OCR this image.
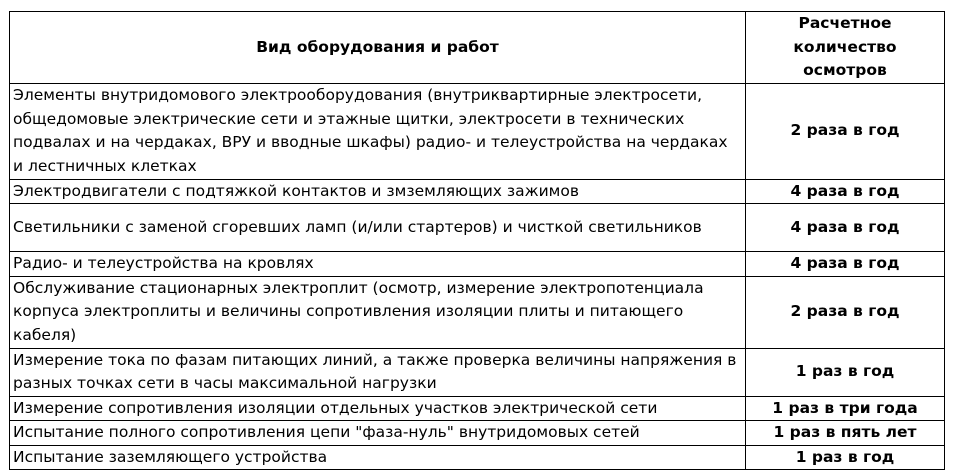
Вид оборудования и работ	Расчетное количество осмотров
Элементы внутридомового электрооборудования (внутриквартирные электросети, общедомовые электрические сети и этажные щитки, электросети в технических подвалах и на чердаках, ВРУ и вводные шкафы) радио- и телеустройства на чердаках и лестничных клетках	2 раза в год
Электродвигатели с подтяжкой контактов и змземляющих зажимов	4 раза в год
Светильники с заменой сгоревших ламп (и/или стартеров) и чисткой светильников	4 раза в год
Радио- и телеустройства на кровлях	4 раза в год
Обслуживание стационарных электроплит (осмотр, измерение электропотенциала корпуса электроплиты и величины сопротивления изоляции плиты и питающего кабеля)	2 раза в год
Измерение тока по фазам питающих линий, а также проверка величины напряжения в разных точках сети в часы максимальной нагрузки	1 раз в год
Измерение сопротивления изоляции отдельных участков электрической сети	1 раз в три года
Испытание полного сопротивления цепи "фаза-нуль" внутридомовых сетей	1 раз в пять лет
Испытание заземляющего устройства	1 раз в год
